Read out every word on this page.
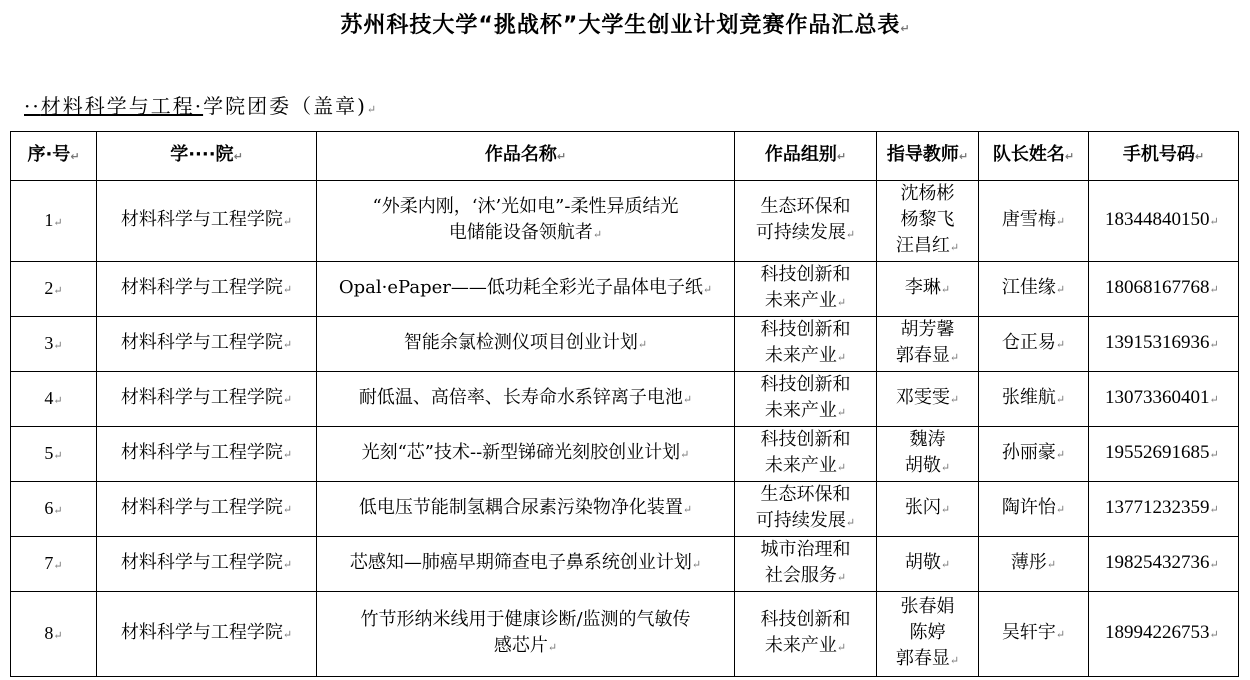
苏州科技大学“挑战杯”大学生创业计划竞赛作品汇总表↵
··材料科学与工程·学院团委（盖章)↵
序·号↵	学····院↵	作品名称↵	作品组别↵	指导教师↵	队长姓名↵	手机号码↵

1↵	材料科学与工程学院↵	“外柔内刚，‘沐’光如电”-柔性异质结光
电储能设备领航者↵	生态环保和
可持续发展↵	沈杨彬
杨黎飞
汪昌红↵	唐雪梅↵	18344840150↵

2↵	材料科学与工程学院↵	Opal·ePaper——低功耗全彩光子晶体电子纸↵	科技创新和
未来产业↵	李琳↵	江佳缘↵	18068167768↵

3↵	材料科学与工程学院↵	智能余氯检测仪项目创业计划↵	科技创新和
未来产业↵	胡芳馨
郭春显↵	仓正易↵	13915316936↵

4↵	材料科学与工程学院↵	耐低温、高倍率、长寿命水系锌离子电池↵	科技创新和
未来产业↵	邓雯雯↵	张维航↵	13073360401↵

5↵	材料科学与工程学院↵	光刻“芯”技术--新型锑碲光刻胶创业计划↵	科技创新和
未来产业↵	魏涛
胡敬↵	孙丽豪↵	19552691685↵

6↵	材料科学与工程学院↵	低电压节能制氢耦合尿素污染物净化装置↵	生态环保和
可持续发展↵	张闪↵	陶许怡↵	13771232359↵

7↵	材料科学与工程学院↵	芯感知—肺癌早期筛查电子鼻系统创业计划↵	城市治理和
社会服务↵	胡敬↵	薄彤↵	19825432736↵

8↵	材料科学与工程学院↵	竹节形纳米线用于健康诊断/监测的气敏传
感芯片↵	科技创新和
未来产业↵	张春娟
陈婷
郭春显↵	吴轩宇↵	18994226753↵
